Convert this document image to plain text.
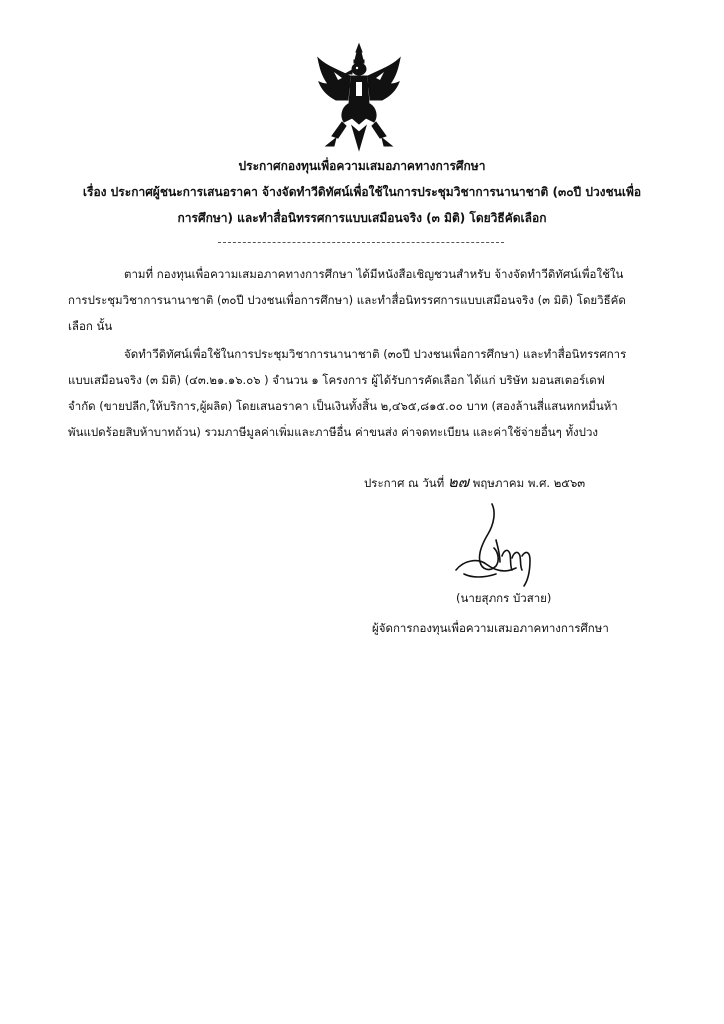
ประกาศกองทุนเพื่อความเสมอภาคทางการศึกษา
เรื่อง ประกาศผู้ชนะการเสนอราคา จ้างจัดทำวีดิทัศน์เพื่อใช้ในการประชุมวิชาการนานาชาติ (๓๐ปี ปวงชนเพื่อ
การศึกษา) และทำสื่อนิทรรศการแบบเสมือนจริง (๓ มิติ) โดยวิธีคัดเลือก
ตามที่ กองทุนเพื่อความเสมอภาคทางการศึกษา ได้มีหนังสือเชิญชวนสำหรับ จ้างจัดทำวีดิทัศน์เพื่อใช้ใน
การประชุมวิชาการนานาชาติ (๓๐ปี ปวงชนเพื่อการศึกษา) และทำสื่อนิทรรศการแบบเสมือนจริง (๓ มิติ) โดยวิธีคัด
เลือก นั้น
จัดทำวีดิทัศน์เพื่อใช้ในการประชุมวิชาการนานาชาติ (๓๐ปี ปวงชนเพื่อการศึกษา) และทำสื่อนิทรรศการ
แบบเสมือนจริง (๓ มิติ) (๔๓.๒๑.๑๖.๐๖ ) จำนวน ๑ โครงการ ผู้ได้รับการคัดเลือก ได้แก่ บริษัท มอนสเตอร์เดฟ
จำกัด (ขายปลีก,ให้บริการ,ผู้ผลิต) โดยเสนอราคา เป็นเงินทั้งสิ้น ๒,๔๖๕,๘๑๕.๐๐ บาท (สองล้านสี่แสนหกหมื่นห้า
พันแปดร้อยสิบห้าบาทถ้วน) รวมภาษีมูลค่าเพิ่มและภาษีอื่น ค่าขนส่ง ค่าจดทะเบียน และค่าใช้จ่ายอื่นๆ ทั้งปวง
ประกาศ ณ วันที่ ๒๗ พฤษภาคม พ.ศ. ๒๕๖๓
(นายสุภกร บัวสาย)
ผู้จัดการกองทุนเพื่อความเสมอภาคทางการศึกษา
